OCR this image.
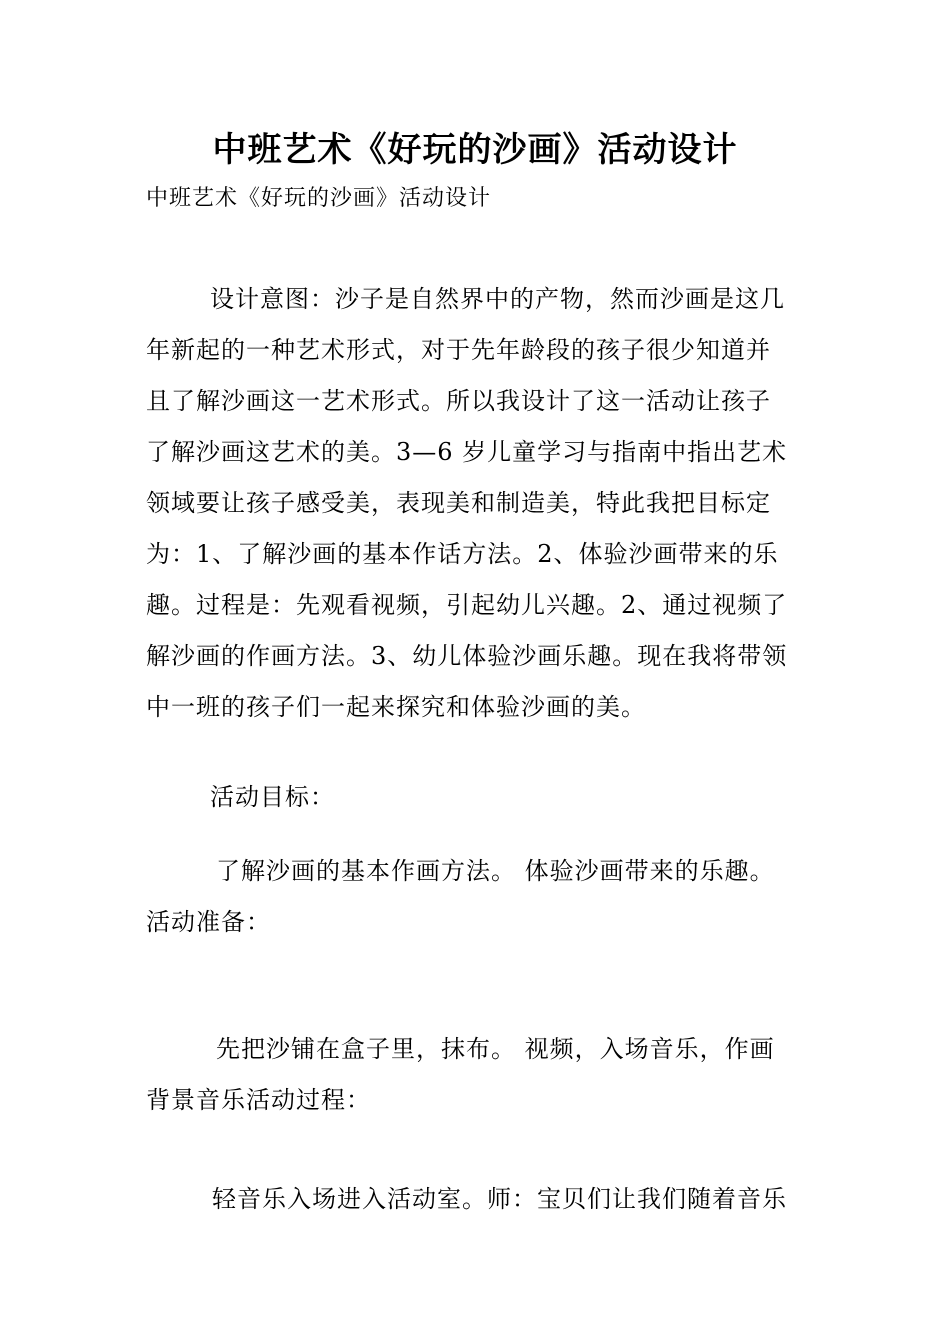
中班艺术《好玩的沙画》活动设计
中班艺术《好玩的沙画》活动设计
设计意图：沙子是自然界中的产物，然而沙画是这几
年新起的一种艺术形式，对于先年龄段的孩子很少知道并
且了解沙画这一艺术形式。所以我设计了这一活动让孩子
了解沙画这艺术的美。3—6 岁儿童学习与指南中指出艺术
领域要让孩子感受美，表现美和制造美，特此我把目标定
为：1、了解沙画的基本作话方法。2、体验沙画带来的乐
趣。过程是：先观看视频，引起幼儿兴趣。2、通过视频了
解沙画的作画方法。3、幼儿体验沙画乐趣。现在我将带领
中一班的孩子们一起来探究和体验沙画的美。
活动目标：
了解沙画的基本作画方法。 体验沙画带来的乐趣。
活动准备：
先把沙铺在盒子里，抹布。 视频，入场音乐，作画
背景音乐活动过程：
轻音乐入场进入活动室。师：宝贝们让我们随着音乐
